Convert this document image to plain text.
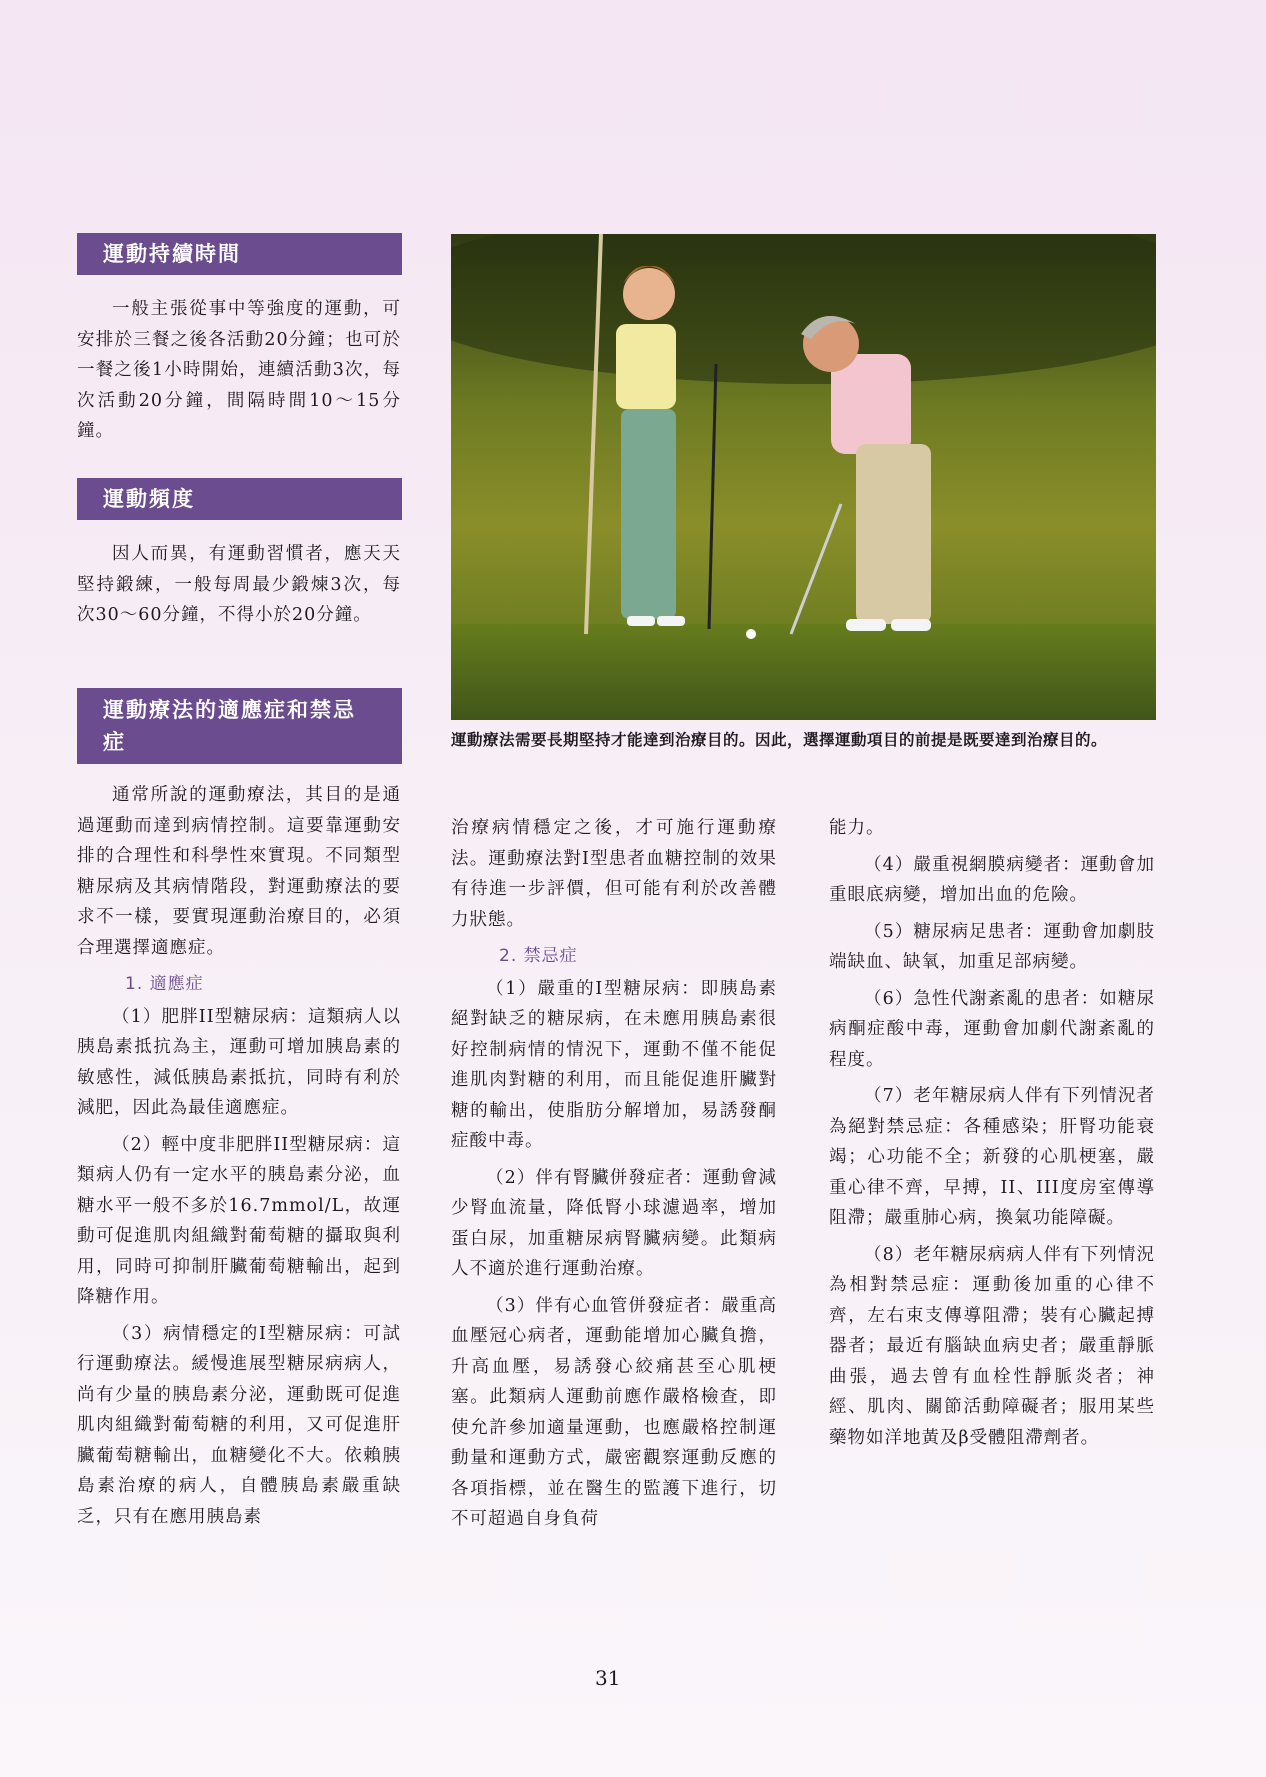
運動持續時間
運動頻度
運動療法的適應症和禁忌症

一般主張從事中等強度的運動，可安排於三餐之後各活動20分鐘；也可於一餐之後1小時開始，連續活動3次，每次活動20分鐘，間隔時間10～15分鐘。

因人而異，有運動習慣者，應天天堅持鍛練，一般每周最少鍛煉3次，每次30～60分鐘，不得小於20分鐘。

運動療法需要長期堅持才能達到治療目的。因此，選擇運動項目的前提是既要達到治療目的。

通常所說的運動療法，其目的是通過運動而達到病情控制。這要靠運動安排的合理性和科學性來實現。不同類型糖尿病及其病情階段，對運動療法的要求不一樣，要實現運動治療目的，必須合理選擇適應症。

1. 適應症

（1）肥胖II型糖尿病：這類病人以胰島素抵抗為主，運動可增加胰島素的敏感性，減低胰島素抵抗，同時有利於減肥，因此為最佳適應症。

（2）輕中度非肥胖II型糖尿病：這類病人仍有一定水平的胰島素分泌，血糖水平一般不多於16.7mmol/L，故運動可促進肌肉組織對葡萄糖的攝取與利用，同時可抑制肝臟葡萄糖輸出，起到降糖作用。

（3）病情穩定的I型糖尿病：可試行運動療法。緩慢進展型糖尿病病人，尚有少量的胰島素分泌，運動既可促進肌肉組織對葡萄糖的利用，又可促進肝臟葡萄糖輸出，血糖變化不大。依賴胰島素治療的病人，自體胰島素嚴重缺乏，只有在應用胰島素

治療病情穩定之後，才可施行運動療法。運動療法對I型患者血糖控制的效果有待進一步評價，但可能有利於改善體力狀態。

2. 禁忌症

（1）嚴重的I型糖尿病：即胰島素絕對缺乏的糖尿病，在未應用胰島素很好控制病情的情況下，運動不僅不能促進肌肉對糖的利用，而且能促進肝臟對糖的輸出，使脂肪分解增加，易誘發酮症酸中毒。

（2）伴有腎臟併發症者：運動會減少腎血流量，降低腎小球濾過率，增加蛋白尿，加重糖尿病腎臟病變。此類病人不適於進行運動治療。

（3）伴有心血管併發症者：嚴重高血壓冠心病者，運動能增加心臟負擔，升高血壓，易誘發心絞痛甚至心肌梗塞。此類病人運動前應作嚴格檢查，即使允許參加適量運動，也應嚴格控制運動量和運動方式，嚴密觀察運動反應的各項指標，並在醫生的監護下進行，切不可超過自身負荷

能力。

（4）嚴重視網膜病變者：運動會加重眼底病變，增加出血的危險。

（5）糖尿病足患者：運動會加劇肢端缺血、缺氧，加重足部病變。

（6）急性代謝紊亂的患者：如糖尿病酮症酸中毒，運動會加劇代謝紊亂的程度。

（7）老年糖尿病人伴有下列情況者為絕對禁忌症：各種感染；肝腎功能衰竭；心功能不全；新發的心肌梗塞，嚴重心律不齊，早搏，II、III度房室傳導阻滯；嚴重肺心病，換氣功能障礙。

（8）老年糖尿病病人伴有下列情況為相對禁忌症：運動後加重的心律不齊，左右束支傳導阻滯；裝有心臟起搏器者；最近有腦缺血病史者；嚴重靜脈曲張，過去曾有血栓性靜脈炎者；神經、肌肉、關節活動障礙者；服用某些藥物如洋地黃及β受體阻滯劑者。

31
